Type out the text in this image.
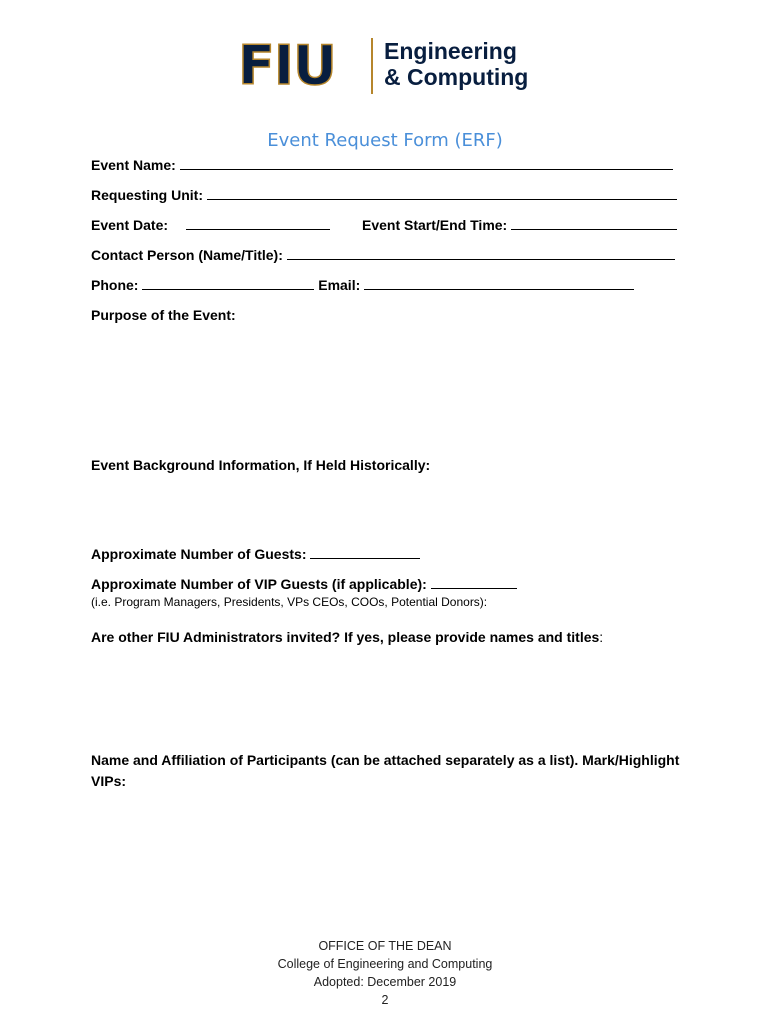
FIU Engineering
& Computing
Event Request Form (ERF)
Event Name:
Requesting Unit:
Event Date:	Event Start/End Time:
Contact Person (Name/Title):
Phone:	Email:
Purpose of the Event:
Event Background Information, If Held Historically:
Approximate Number of Guests:
Approximate Number of VIP Guests (if applicable):
(i.e. Program Managers, Presidents, VPs CEOs, COOs, Potential Donors):
Are other FIU Administrators invited? If yes, please provide names and titles:
Name and Affiliation of Participants (can be attached separately as a list). Mark/Highlight
VIPs:
OFFICE OF THE DEAN
College of Engineering and Computing
Adopted: December 2019
2
